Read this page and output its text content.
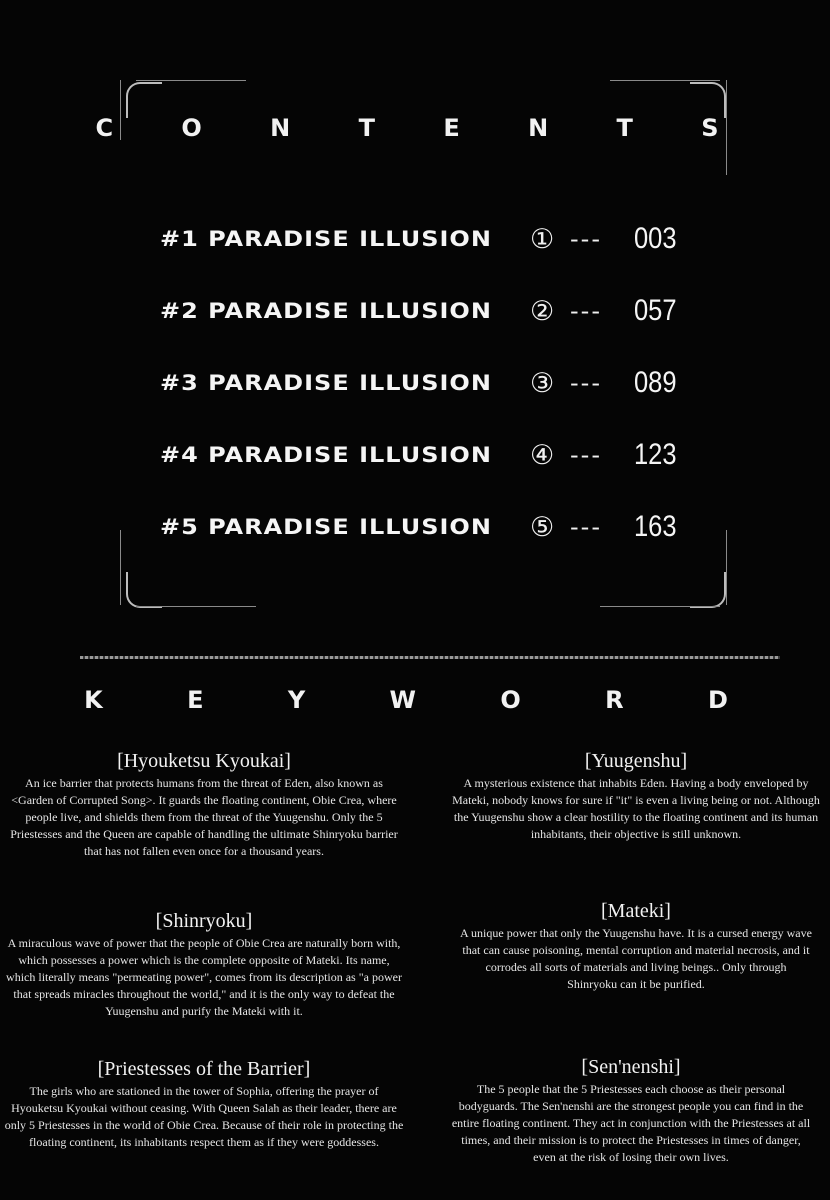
C O N T E N T S
#1 PARADISE ILLUSION	① ---	003
#2 PARADISE ILLUSION	② ---	057
#3 PARADISE ILLUSION	③ ---	089
#4 PARADISE ILLUSION	④ ---	123
#5 PARADISE ILLUSION	⑤ ---	163
K E Y W O R D
[Hyouketsu Kyoukai]
An ice barrier that protects humans from the threat of Eden, also known as <Garden of Corrupted Song>. It guards the floating continent, Obie Crea, where people live, and shields them from the threat of the Yuugenshu. Only the 5 Priestesses and the Queen are capable of handling the ultimate Shinryoku barrier that has not fallen even once for a thousand years.
[Yuugenshu]
A mysterious existence that inhabits Eden. Having a body enveloped by Mateki, nobody knows for sure if "it" is even a living being or not. Although the Yuugenshu show a clear hostility to the floating continent and its human inhabitants, their objective is still unknown.
[Shinryoku]
A miraculous wave of power that the people of Obie Crea are naturally born with, which possesses a power which is the complete opposite of Mateki. Its name, which literally means "permeating power", comes from its description as "a power that spreads miracles throughout the world," and it is the only way to defeat the Yuugenshu and purify the Mateki with it.
[Mateki]
A unique power that only the Yuugenshu have. It is a cursed energy wave that can cause poisoning, mental corruption and material necrosis, and it corrodes all sorts of materials and living beings.. Only through Shinryoku can it be purified.
[Priestesses of the Barrier]
The girls who are stationed in the tower of Sophia, offering the prayer of Hyouketsu Kyoukai without ceasing. With Queen Salah as their leader, there are only 5 Priestesses in the world of Obie Crea. Because of their role in protecting the floating continent, its inhabitants respect them as if they were goddesses.
[Sen'nenshi]
The 5 people that the 5 Priestesses each choose as their personal bodyguards. The Sen'nenshi are the strongest people you can find in the entire floating continent. They act in conjunction with the Priestesses at all times, and their mission is to protect the Priestesses in times of danger, even at the risk of losing their own lives.
